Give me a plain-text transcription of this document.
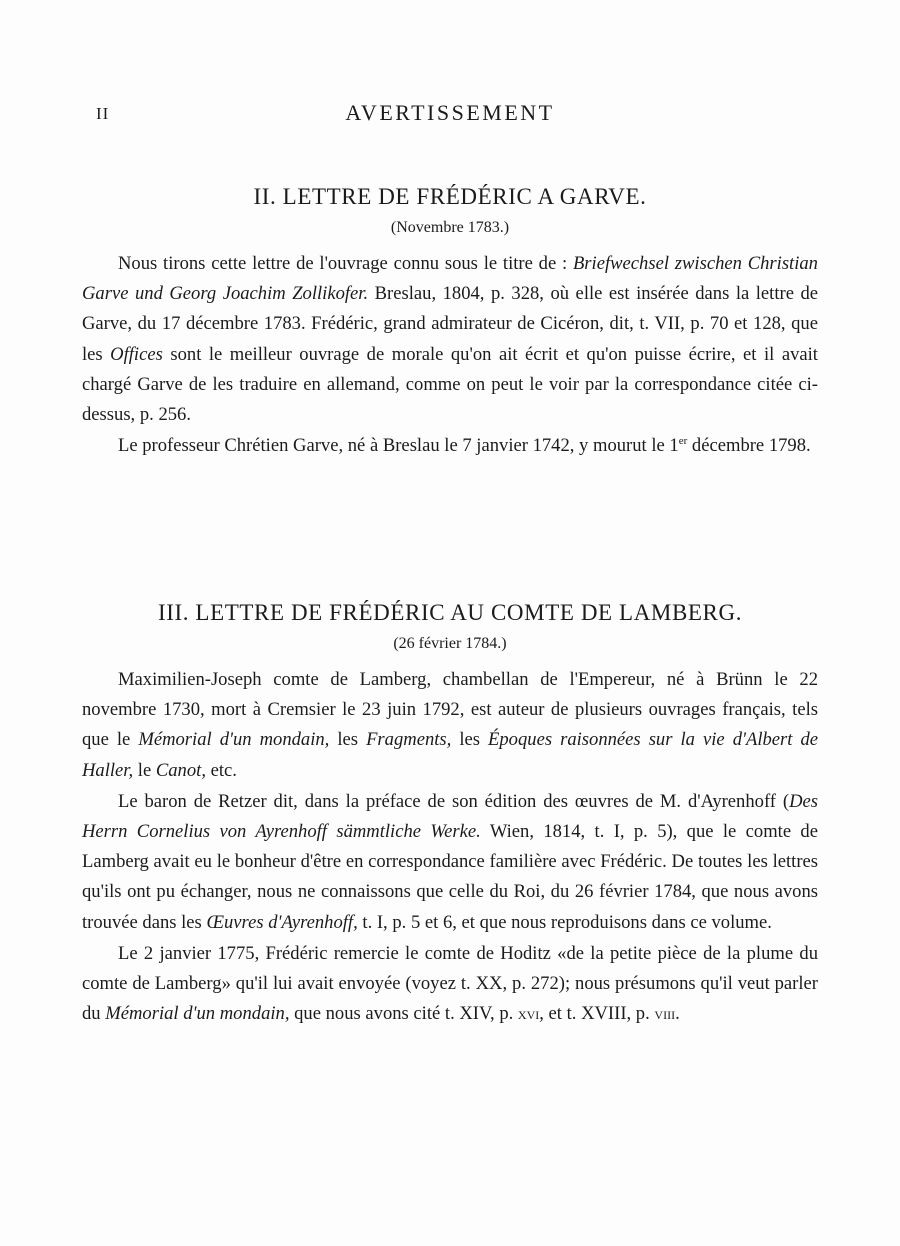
II	AVERTISSEMENT
II. LETTRE DE FRÉDÉRIC A GARVE.
(Novembre 1783.)

Nous tirons cette lettre de l'ouvrage connu sous le titre de : Briefwechsel zwischen Christian Garve und Georg Joachim Zollikofer. Breslau, 1804, p. 328, où elle est insérée dans la lettre de Garve, du 17 décembre 1783. Frédéric, grand admirateur de Cicéron, dit, t. VII, p. 70 et 128, que les Offices sont le meilleur ouvrage de morale qu'on ait écrit et qu'on puisse écrire, et il avait chargé Garve de les traduire en allemand, comme on peut le voir par la correspondance citée ci-dessus, p. 256.

Le professeur Chrétien Garve, né à Breslau le 7 janvier 1742, y mourut le 1er décembre 1798.

III. LETTRE DE FRÉDÉRIC AU COMTE DE LAMBERG.
(26 février 1784.)

Maximilien-Joseph comte de Lamberg, chambellan de l'Empereur, né à Brünn le 22 novembre 1730, mort à Cremsier le 23 juin 1792, est auteur de plusieurs ouvrages français, tels que le Mémorial d'un mondain, les Fragments, les Époques raisonnées sur la vie d'Albert de Haller, le Canot, etc.

Le baron de Retzer dit, dans la préface de son édition des œuvres de M. d'Ayrenhoff (Des Herrn Cornelius von Ayrenhoff sämmtliche Werke. Wien, 1814, t. I, p. 5), que le comte de Lamberg avait eu le bonheur d'être en correspondance familière avec Frédéric. De toutes les lettres qu'ils ont pu échanger, nous ne connaissons que celle du Roi, du 26 février 1784, que nous avons trouvée dans les Œuvres d'Ayrenhoff, t. I, p. 5 et 6, et que nous reproduisons dans ce volume.

Le 2 janvier 1775, Frédéric remercie le comte de Hoditz «de la petite pièce de la plume du comte de Lamberg» qu'il lui avait envoyée (voyez t. XX, p. 272); nous présumons qu'il veut parler du Mémorial d'un mondain, que nous avons cité t. XIV, p. xvi, et t. XVIII, p. viii.
